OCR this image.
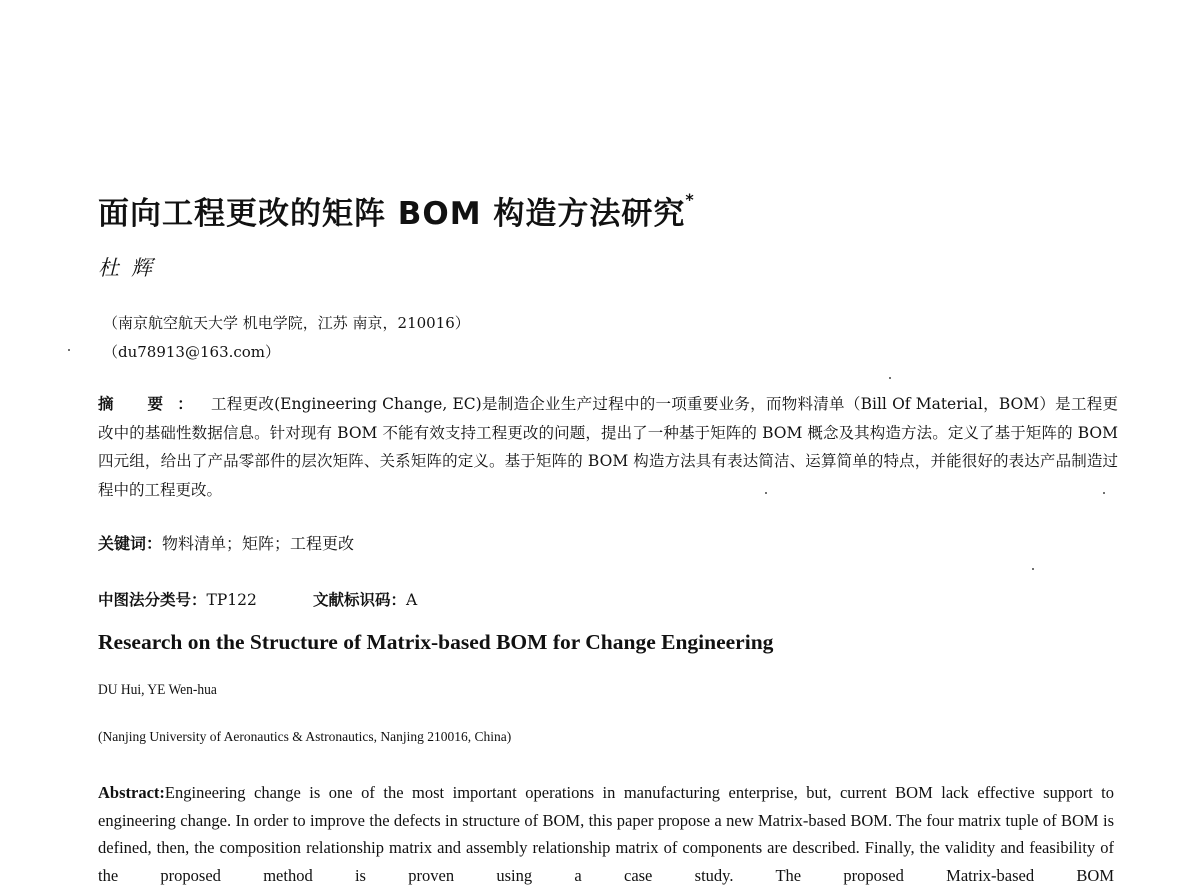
面向工程更改的矩阵 BOM 构造方法研究*
杜辉
（南京航空航天大学 机电学院，江苏 南京，210016）
（du78913@163.com）
摘 要： 工程更改(Engineering Change, EC)是制造企业生产过程中的一项重要业务，而物料清单（Bill Of Material，BOM）是工程更改中的基础性数据信息。针对现有 BOM 不能有效支持工程更改的问题，提出了一种基于矩阵的 BOM 概念及其构造方法。定义了基于矩阵的 BOM 四元组，给出了产品零部件的层次矩阵、关系矩阵的定义。基于矩阵的 BOM 构造方法具有表达简洁、运算简单的特点，并能很好的表达产品制造过程中的工程更改。
关键词：物料清单；矩阵；工程更改
中图法分类号：TP122	文献标识码：A
Research on the Structure of Matrix-based BOM for Change Engineering
DU Hui, YE Wen-hua
(Nanjing University of Aeronautics & Astronautics, Nanjing 210016, China)
Abstract:Engineering change is one of the most important operations in manufacturing enterprise, but, current BOM lack effective support to engineering change. In order to improve the defects in structure of BOM, this paper propose a new Matrix-based BOM. The four matrix tuple of BOM is defined, then, the composition relationship matrix and assembly relationship matrix of components are described. Finally, the validity and feasibility of the proposed method is proven using a case study. The proposed Matrix-based BOM
